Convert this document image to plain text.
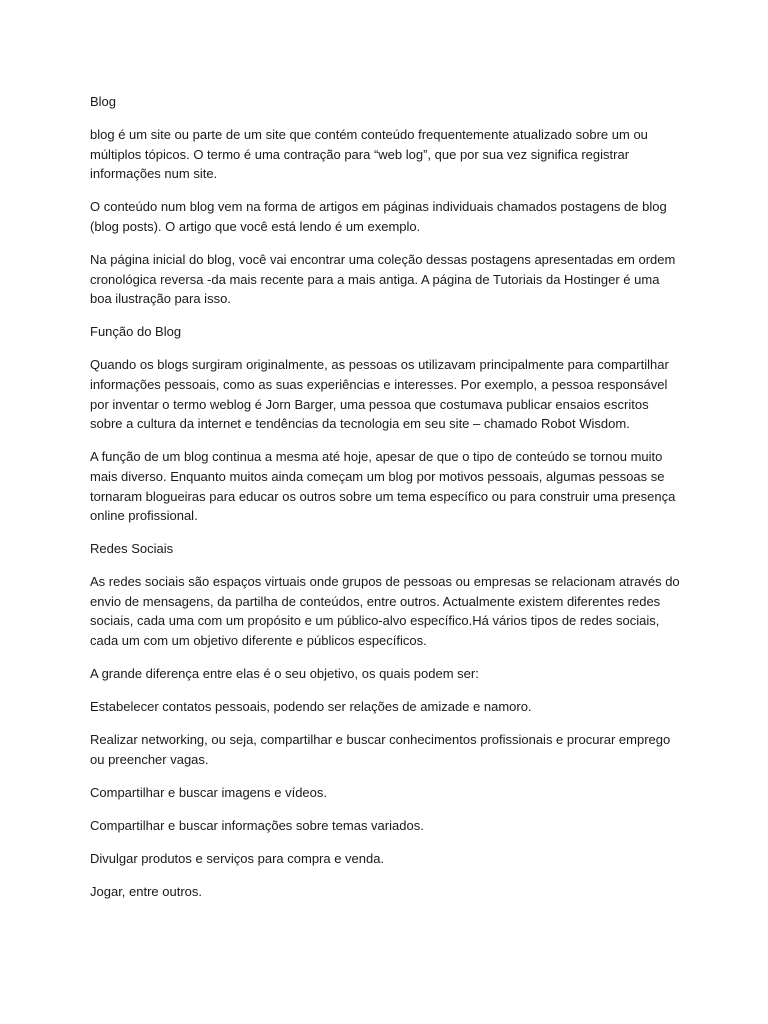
Blog

blog é um site ou parte de um site que contém conteúdo frequentemente atualizado sobre um ou múltiplos tópicos. O termo é uma contração para “web log”, que por sua vez significa registrar informações num site.

O conteúdo num blog vem na forma de artigos em páginas individuais chamados postagens de blog (blog posts). O artigo que você está lendo é um exemplo.

Na página inicial do blog, você vai encontrar uma coleção dessas postagens apresentadas em ordem cronológica reversa -da mais recente para a mais antiga. A página de Tutoriais da Hostinger é uma boa ilustração para isso.

Função do Blog

Quando os blogs surgiram originalmente, as pessoas os utilizavam principalmente para compartilhar informações pessoais, como as suas experiências e interesses. Por exemplo, a pessoa responsável por inventar o termo weblog é Jorn Barger, uma pessoa que costumava publicar ensaios escritos sobre a cultura da internet e tendências da tecnologia em seu site – chamado Robot Wisdom.

A função de um blog continua a mesma até hoje, apesar de que o tipo de conteúdo se tornou muito mais diverso. Enquanto muitos ainda começam um blog por motivos pessoais, algumas pessoas se tornaram blogueiras para educar os outros sobre um tema específico ou para construir uma presença online profissional.

Redes Sociais

As redes sociais são espaços virtuais onde grupos de pessoas ou empresas se relacionam através do envio de mensagens, da partilha de conteúdos, entre outros. Actualmente existem diferentes redes sociais, cada uma com um propósito e um público-alvo específico.Há vários tipos de redes sociais, cada um com um objetivo diferente e públicos específicos.

A grande diferença entre elas é o seu objetivo, os quais podem ser:

Estabelecer contatos pessoais, podendo ser relações de amizade e namoro.

Realizar networking, ou seja, compartilhar e buscar conhecimentos profissionais e procurar emprego ou preencher vagas.

Compartilhar e buscar imagens e vídeos.

Compartilhar e buscar informações sobre temas variados.

Divulgar produtos e serviços para compra e venda.

Jogar, entre outros.
